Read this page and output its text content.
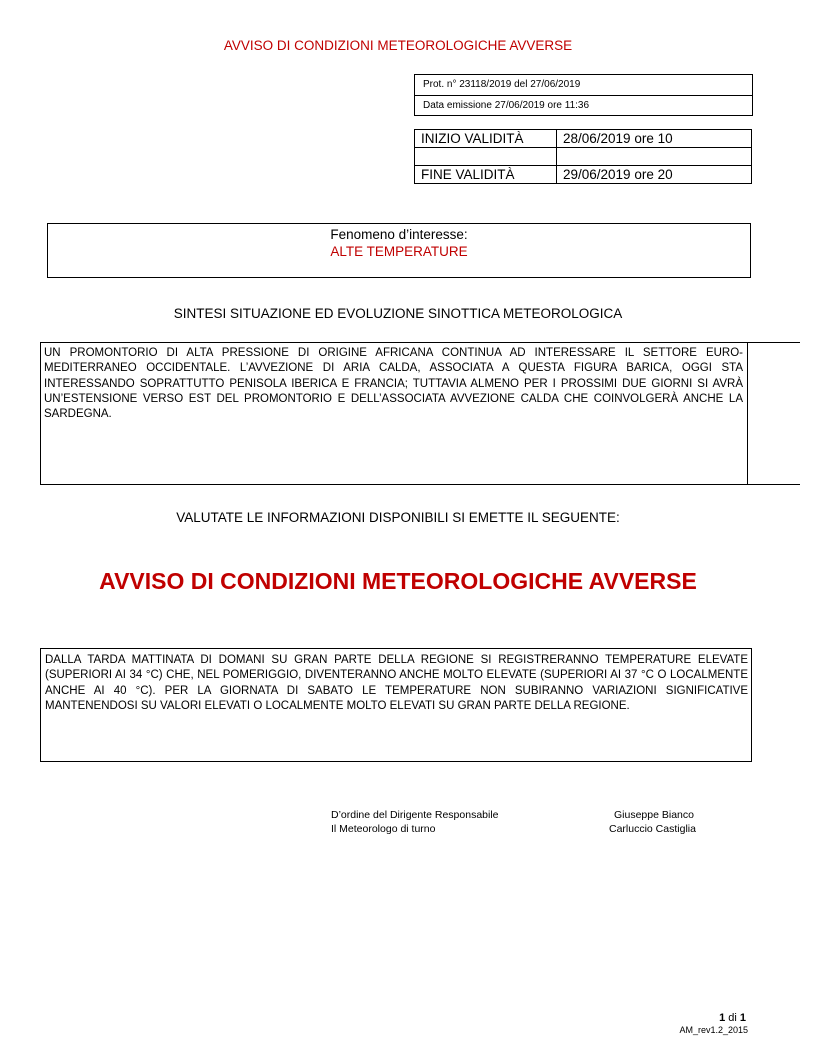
AVVISO DI CONDIZIONI METEOROLOGICHE AVVERSE
Prot. n° 23118/2019 del 27/06/2019
Data emissione 27/06/2019 ore 11:36
INIZIO VALIDITÀ	28/06/2019 ore 10

FINE VALIDITÀ	29/06/2019 ore 20
Fenomeno d’interesse:
ALTE TEMPERATURE
SINTESI SITUAZIONE ED EVOLUZIONE SINOTTICA METEOROLOGICA
UN PROMONTORIO DI ALTA PRESSIONE DI ORIGINE AFRICANA CONTINUA AD INTERESSARE IL SETTORE EURO-MEDITERRANEO OCCIDENTALE. L’AVVEZIONE DI ARIA CALDA, ASSOCIATA A QUESTA FIGURA BARICA, OGGI STA INTERESSANDO SOPRATTUTTO PENISOLA IBERICA E FRANCIA; TUTTAVIA ALMENO PER I PROSSIMI DUE GIORNI SI AVRÀ UN’ESTENSIONE VERSO EST DEL PROMONTORIO E DELL’ASSOCIATA AVVEZIONE CALDA CHE COINVOLGERÀ ANCHE LA SARDEGNA.
VALUTATE LE INFORMAZIONI DISPONIBILI SI EMETTE IL SEGUENTE:
AVVISO DI CONDIZIONI METEOROLOGICHE AVVERSE
DALLA TARDA MATTINATA DI DOMANI SU GRAN PARTE DELLA REGIONE SI REGISTRERANNO TEMPERATURE ELEVATE (SUPERIORI AI 34 °C) CHE, NEL POMERIGGIO, DIVENTERANNO ANCHE MOLTO ELEVATE (SUPERIORI AI 37 °C O LOCALMENTE ANCHE AI 40 °C). PER LA GIORNATA DI SABATO LE TEMPERATURE NON SUBIRANNO VARIAZIONI SIGNIFICATIVE MANTENENDOSI SU VALORI ELEVATI O LOCALMENTE MOLTO ELEVATI SU GRAN PARTE DELLA REGIONE.
D’ordine del Dirigente Responsabile
Il Meteorologo di turno
Giuseppe Bianco
Carluccio Castiglia
1 di 1
AM_rev1.2_2015
